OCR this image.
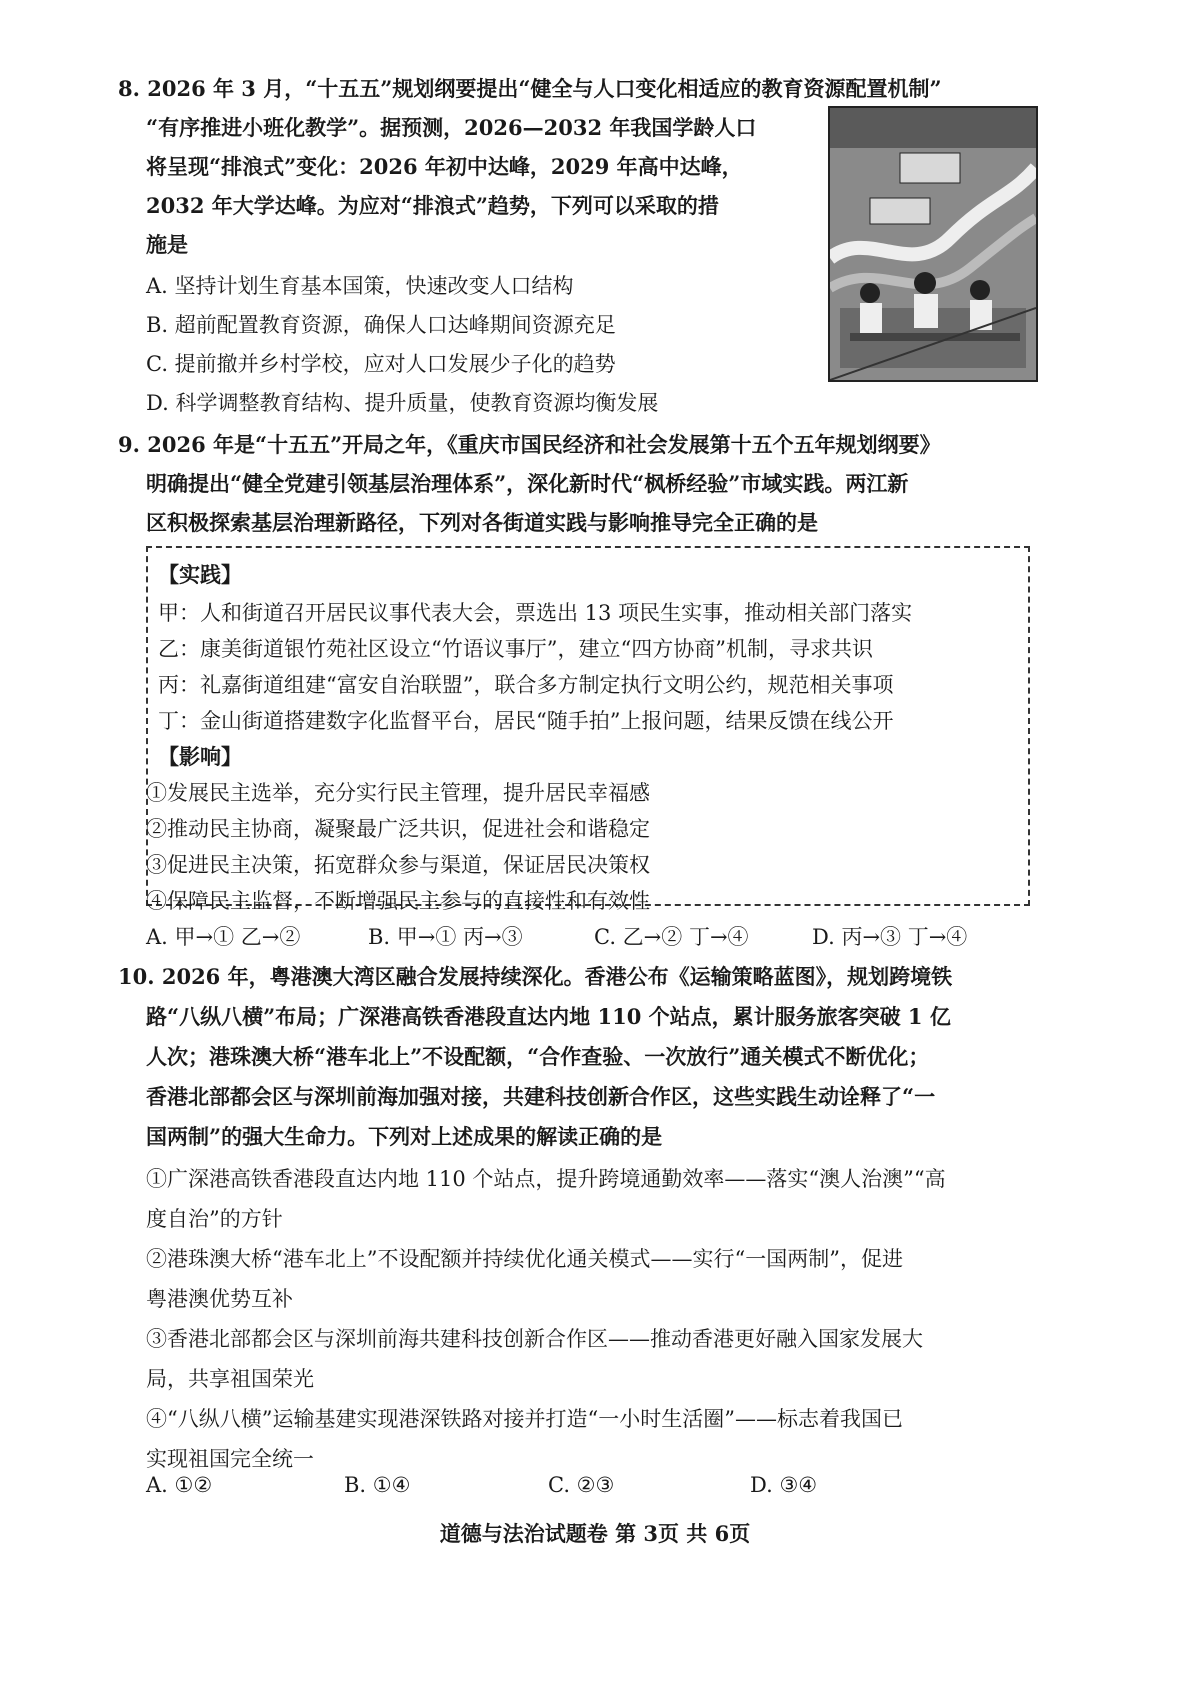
8. 2026 年 3 月，“十五五”规划纲要提出“健全与人口变化相适应的教育资源配置机制”
“有序推进小班化教学”。据预测，2026—2032 年我国学龄人口
将呈现“排浪式”变化：2026 年初中达峰，2029 年高中达峰，
2032 年大学达峰。为应对“排浪式”趋势，下列可以采取的措
施是
A. 坚持计划生育基本国策，快速改变人口结构
B. 超前配置教育资源，确保人口达峰期间资源充足
C. 提前撤并乡村学校，应对人口发展少子化的趋势
D. 科学调整教育结构、提升质量，使教育资源均衡发展
9. 2026 年是“十五五”开局之年，《重庆市国民经济和社会发展第十五个五年规划纲要》
明确提出“健全党建引领基层治理体系”，深化新时代“枫桥经验”市域实践。两江新
区积极探索基层治理新路径，下列对各街道实践与影响推导完全正确的是
【实践】
甲：人和街道召开居民议事代表大会，票选出 13 项民生实事，推动相关部门落实
乙：康美街道银竹苑社区设立“竹语议事厅”，建立“四方协商”机制，寻求共识
丙：礼嘉街道组建“富安自治联盟”，联合多方制定执行文明公约，规范相关事项
丁：金山街道搭建数字化监督平台，居民“随手拍”上报问题，结果反馈在线公开
【影响】
①发展民主选举，充分实行民主管理，提升居民幸福感
②推动民主协商，凝聚最广泛共识，促进社会和谐稳定
③促进民主决策，拓宽群众参与渠道，保证居民决策权
④保障民主监督，不断增强民主参与的直接性和有效性
A. 甲→① 乙→②	B. 甲→① 丙→③	C. 乙→② 丁→④	D. 丙→③ 丁→④
10. 2026 年，粤港澳大湾区融合发展持续深化。香港公布《运输策略蓝图》，规划跨境铁
路“八纵八横”布局；广深港高铁香港段直达内地 110 个站点，累计服务旅客突破 1 亿
人次；港珠澳大桥“港车北上”不设配额，“合作查验、一次放行”通关模式不断优化；
香港北部都会区与深圳前海加强对接，共建科技创新合作区，这些实践生动诠释了“一
国两制”的强大生命力。下列对上述成果的解读正确的是
①广深港高铁香港段直达内地 110 个站点，提升跨境通勤效率——落实“澳人治澳”“高
度自治”的方针
②港珠澳大桥“港车北上”不设配额并持续优化通关模式——实行“一国两制”，促进
粤港澳优势互补
③香港北部都会区与深圳前海共建科技创新合作区——推动香港更好融入国家发展大
局，共享祖国荣光
④“八纵八横”运输基建实现港深铁路对接并打造“一小时生活圈”——标志着我国已
实现祖国完全统一
A. ①②	B. ①④	C. ②③	D. ③④
道德与法治试题卷 第 3页 共 6页
